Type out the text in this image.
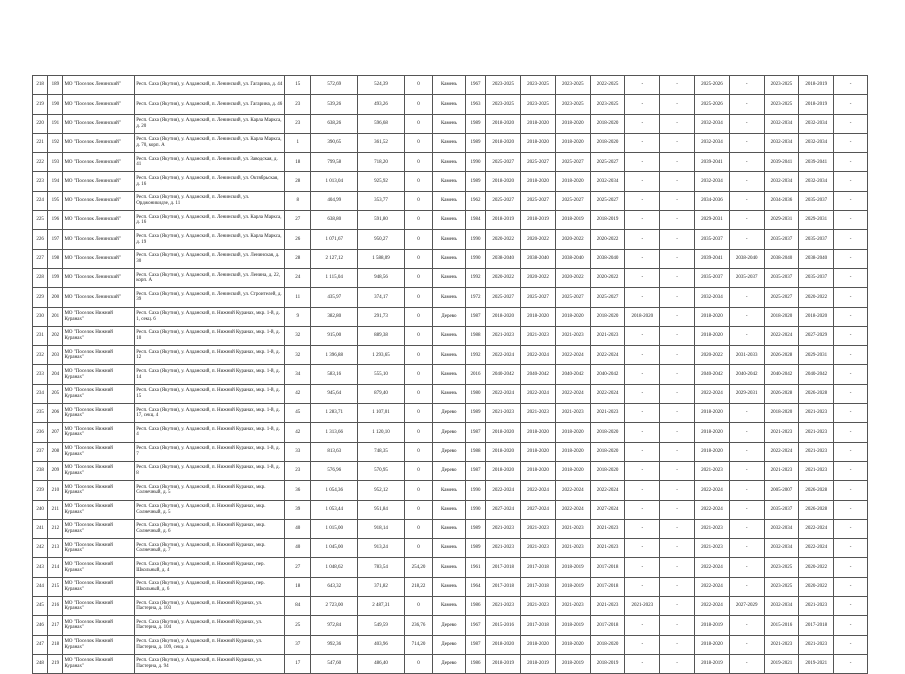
218	189	МО "Поселок Ленинский"	Респ. Саха (Якутия), у. Алданский, п. Ленинский, ул. Гагарина, д. 44	15	572,69	524,39	0	Камень	1967	2023-2025	2023-2025	2023-2025	2022-2025	-	-	2025-2026	-	2023-2025	2018-2019	-
219	190	МО "Поселок Ленинский"	Респ. Саха (Якутия), у. Алданский, п. Ленинский, ул. Гагарина, д. 46	23	539,26	493,26	0	Камень	1963	2023-2025	2023-2025	2023-2025	2023-2025	-	-	2025-2026	-	2023-2025	2018-2019	-
220	191	МО "Поселок Ленинский"	Респ. Саха (Якутия), у. Алданский, п. Ленинский, ул. Карла Маркса, д. 20	23	638,26	596,68	0	Камень	1989	2018-2020	2018-2020	2018-2020	2018-2020	-	-	2032-2034	-	2032-2034	2032-2034	-
221	192	МО "Поселок Ленинский"	Респ. Саха (Якутия), у. Алданский, п. Ленинский, ул. Карла Маркса, д. 70, корп. А	1	390,65	361,52	0	Камень	1989	2018-2020	2018-2020	2018-2020	2018-2020	-	-	2032-2034	-	2032-2034	2032-2034	-
222	193	МО "Поселок Ленинский"	Респ. Саха (Якутия), у. Алданский, п. Ленинский, ул. Заводская, д. 41	18	799,58	718,20	0	Камень	1990	2025-2027	2025-2027	2025-2027	2025-2027	-	-	2039-2041	-	2039-2041	2039-2041	-
223	194	МО "Поселок Ленинский"	Респ. Саха (Якутия), у. Алданский, п. Ленинский, ул. Октябрьская, д. 16	28	1 013,04	925,92	0	Камень	1989	2018-2020	2018-2020	2018-2020	2032-2034	-	-	2032-2034	-	2032-2034	2032-2034	-
224	195	МО "Поселок Ленинский"	Респ. Саха (Якутия), у. Алданский, п. Ленинский, ул. Орджоникидзе, д. 11	8	404,99	353,77	0	Камень	1962	2025-2027	2025-2027	2025-2027	2025-2027	-	-	2034-2036	-	2034-2036	2035-2037	-
225	196	МО "Поселок Ленинский"	Респ. Саха (Якутия), у. Алданский, п. Ленинский, ул. Карла Маркса, д. 16	27	638,80	591,80	0	Камень	1984	2018-2019	2018-2019	2018-2019	2018-2019	-	-	2029-2031	-	2029-2031	2029-2031	-
226	197	МО "Поселок Ленинский"	Респ. Саха (Якутия), у. Алданский, п. Ленинский, ул. Карла Маркса, д. 19	26	1 071,67	950,27	0	Камень	1990	2020-2022	2020-2022	2020-2022	2020-2022	-	-	2035-2037	-	2035-2037	2035-2037	-
227	198	МО "Поселок Ленинский"	Респ. Саха (Якутия), у. Алданский, п. Ленинский, ул. Ленинская, д. 30	28	2 127,12	1 588,09	0	Камень	1990	2038-2040	2038-2040	2038-2040	2038-2040	-	-	2039-2041	2038-2040	2038-2040	2038-2040	-
228	199	МО "Поселок Ленинский"	Респ. Саха (Якутия), у. Алданский, п. Ленинский, ул. Ленина, д. 22, корп. А	24	1 115,04	948,56	0	Камень	1992	2020-2022	2020-2022	2020-2022	2020-2022	-	-	2035-2037	2035-2037	2035-2037	2035-2037	-
229	200	МО "Поселок Ленинский"	Респ. Саха (Якутия), у. Алданский, п. Ленинский, ул. Строителей, д. 39	11	435,97	374,17	0	Камень	1972	2025-2027	2025-2027	2025-2027	2025-2027	-	-	2032-2034	-	2025-2027	2020-2022	-
230	201	МО "Поселок Нижний Куранах"	Респ. Саха (Якутия), у. Алданский, п. Нижний Куранах, мкр. 1-й, д. 1, секц. 6	9	382,80	291,73	0	Дерево	1987	2018-2020	2018-2020	2018-2020	2018-2020	2018-2020	-	2018-2020	-	2018-2020	2018-2020	-
231	202	МО "Поселок Нижний Куранах"	Респ. Саха (Якутия), у. Алданский, п. Нижний Куранах, мкр. 1-й, д. 10	32	915,00	889,38	0	Камень	1988	2021-2023	2021-2023	2021-2023	2021-2023	-	-	2018-2020	-	2022-2024	2027-2029	-
232	203	МО "Поселок Нижний Куранах"	Респ. Саха (Якутия), у. Алданский, п. Нижний Куранах, мкр. 1-й, д. 12	32	1 396,88	1 293,65	0	Камень	1992	2022-2024	2022-2024	2022-2024	2022-2024	-	-	2020-2022	2031-2033	2026-2028	2029-2031	-
233	204	МО "Поселок Нижний Куранах"	Респ. Саха (Якутия), у. Алданский, п. Нижний Куранах, мкр. 1-й, д. 14	34	583,16	555,10	0	Камень	2016	2040-2042	2040-2042	2040-2042	2040-2042	-	-	2040-2042	2040-2042	2040-2042	2040-2042	-
234	205	МО "Поселок Нижний Куранах"	Респ. Саха (Якутия), у. Алданский, п. Нижний Куранах, мкр. 1-й, д. 15	42	945,64	879,40	0	Камень	1980	2022-2024	2022-2024	2022-2024	2022-2024	-	-	2022-2024	2029-2031	2026-2028	2026-2028	-
235	206	МО "Поселок Нижний Куранах"	Респ. Саха (Якутия), у. Алданский, п. Нижний Куранах, мкр. 1-й, д. 17, секц. 4	45	1 283,71	1 107,01	0	Дерево	1989	2021-2023	2021-2023	2021-2023	2021-2023	-	-	2018-2020	-	2018-2020	2021-2023	-
236	207	МО "Поселок Нижний Куранах"	Респ. Саха (Якутия), у. Алданский, п. Нижний Куранах, мкр. 1-й, д. 4	42	1 313,66	1 120,10	0	Дерево	1987	2018-2020	2018-2020	2018-2020	2018-2020	-	-	2018-2020	-	2021-2023	2021-2023	-
237	208	МО "Поселок Нижний Куранах"	Респ. Саха (Якутия), у. Алданский, п. Нижний Куранах, мкр. 1-й, д. 7	33	813,63	748,35	0	Дерево	1988	2018-2020	2018-2020	2018-2020	2018-2020	-	-	2018-2020	-	2022-2024	2021-2023	-
238	209	МО "Поселок Нижний Куранах"	Респ. Саха (Якутия), у. Алданский, п. Нижний Куранах, мкр. 1-й, д. 8	23	576,96	570,95	0	Дерево	1987	2018-2020	2018-2020	2018-2020	2018-2020	-	-	2021-2023	-	2021-2023	2021-2023	-
239	210	МО "Поселок Нижний Куранах"	Респ. Саха (Якутия), у. Алданский, п. Нижний Куранах, мкр. Солнечный, д. 5	36	1 054,36	952,12	0	Камень	1990	2022-2024	2022-2024	2022-2024	2022-2024	-	-	2022-2024	-	2005-2007	2026-2028	-
240	211	МО "Поселок Нижний Куранах"	Респ. Саха (Якутия), у. Алданский, п. Нижний Куранах, мкр. Солнечный, д. 5	39	1 053,44	951,84	0	Камень	1990	2027-2024	2027-2024	2022-2024	2027-2024	-	-	2022-2024	-	2035-2037	2026-2028	-
241	212	МО "Поселок Нижний Куранах"	Респ. Саха (Якутия), у. Алданский, п. Нижний Куранах, мкр. Солнечный, д. 6	40	1 015,00	918,14	0	Камень	1989	2021-2023	2021-2023	2021-2023	2021-2023	-	-	2021-2023	-	2032-2034	2022-2024	-
242	213	МО "Поселок Нижний Куранах"	Респ. Саха (Якутия), у. Алданский, п. Нижний Куранах, мкр. Солнечный, д. 7	40	1 045,00	913,24	0	Камень	1989	2021-2023	2021-2023	2021-2023	2021-2023	-	-	2021-2023	-	2032-2034	2022-2024	-
243	214	МО "Поселок Нижний Куранах"	Респ. Саха (Якутия), у. Алданский, п. Нижний Куранах, пер. Школьный, д. 4	27	1 048,62	783,54	254,20	Камень	1961	2017-2018	2017-2018	2018-2019	2017-2018	-	-	2022-2024	-	2023-2025	2020-2022	-
244	215	МО "Поселок Нижний Куранах"	Респ. Саха (Якутия), у. Алданский, п. Нижний Куранах, пер. Школьный, д. 6	18	643,32	371,82	218,22	Камень	1964	2017-2018	2017-2018	2018-2019	2017-2018	-	-	2022-2024	-	2023-2025	2020-2022	-
245	216	МО "Поселок Нижний Куранах"	Респ. Саха (Якутия), у. Алданский, п. Нижний Куранах, ул. Пастерна, д. 103	84	2 723,00	2 487,31	0	Камень	1986	2021-2023	2021-2023	2021-2023	2021-2023	2021-2023	-	2022-2024	2027-2029	2032-2034	2021-2023	-
246	217	МО "Поселок Нижний Куранах"	Респ. Саха (Якутия), у. Алданский, п. Нижний Куранах, ул. Пастерна, д. 104	25	972,84	549,59	236,76	Дерево	1967	2015-2016	2017-2018	2018-2019	2017-2018	-	-	2018-2019	-	2015-2016	2017-2018	-
247	218	МО "Поселок Нижний Куранах"	Респ. Саха (Якутия), у. Алданский, п. Нижний Куранах, ул. Пастерна, д. 109, секц. а	37	992,36	403,96	714,20	Дерево	1987	2018-2020	2018-2020	2018-2020	2018-2020	-	-	2018-2020	-	2021-2023	2021-2023	-
248	219	МО "Поселок Нижний Куранах"	Респ. Саха (Якутия), у. Алданский, п. Нижний Куранах, ул. Пастерна, д. 94	17	547,60	486,40	0	Дерево	1986	2018-2019	2018-2019	2018-2019	2018-2019	-	-	2018-2019	-	2019-2021	2019-2021	-
